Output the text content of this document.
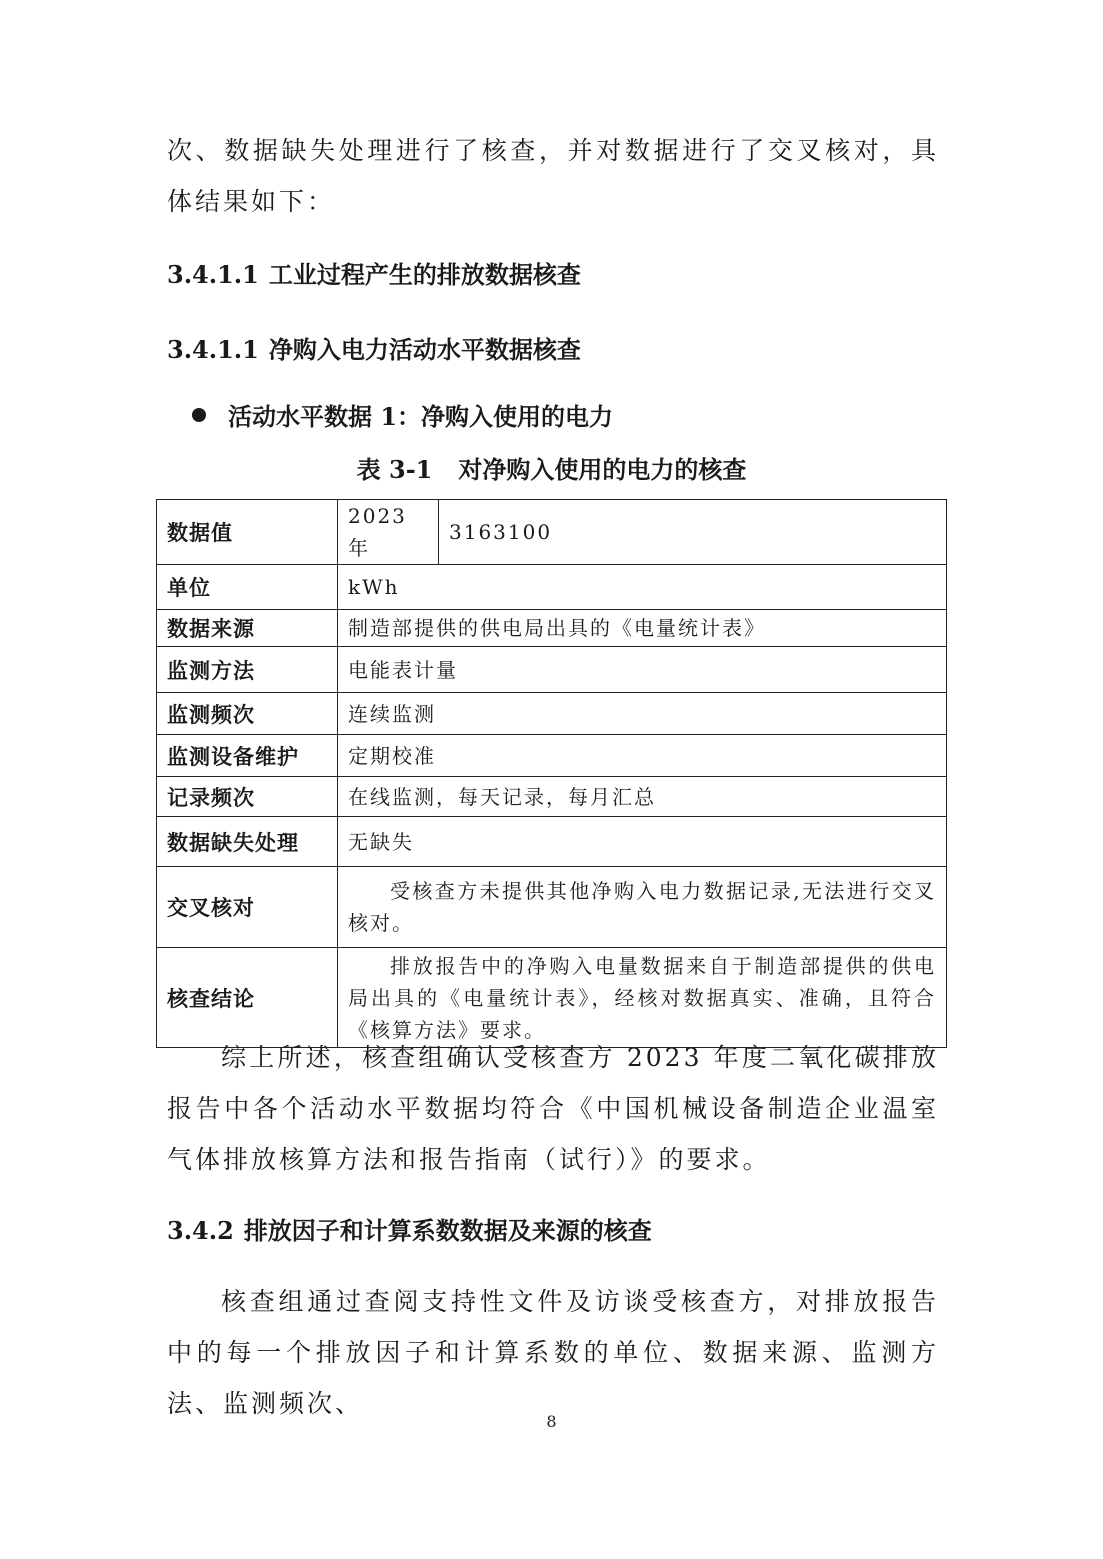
次、数据缺失处理进行了核查，并对数据进行了交叉核对，具体结果如下：

3.4.1.1 工业过程产生的排放数据核查
3.4.1.1 净购入电力活动水平数据核查
活动水平数据 1：净购入使用的电力
表 3-1 对净购入使用的电力的核查
数据值	2023 年	3163100
单位	kWh	
数据来源	制造部提供的供电局出具的《电量统计表》	
监测方法	电能表计量	
监测频次	连续监测	
监测设备维护	定期校准	
记录频次	在线监测，每天记录，每月汇总	
数据缺失处理	无缺失	
交叉核对	受核查方未提供其他净购入电力数据记录,无法进行交叉核对。	
核查结论	排放报告中的净购入电量数据来自于制造部提供的供电局出具的《电量统计表》，经核对数据真实、准确，且符合《核算方法》要求。	

综上所述，核查组确认受核查方 2023 年度二氧化碳排放报告中各个活动水平数据均符合《中国机械设备制造企业温室气体排放核算方法和报告指南（试行）》的要求。

3.4.2 排放因子和计算系数数据及来源的核查

核查组通过查阅支持性文件及访谈受核查方，对排放报告中的每一个排放因子和计算系数的单位、数据来源、监测方法、监测频次、

8
